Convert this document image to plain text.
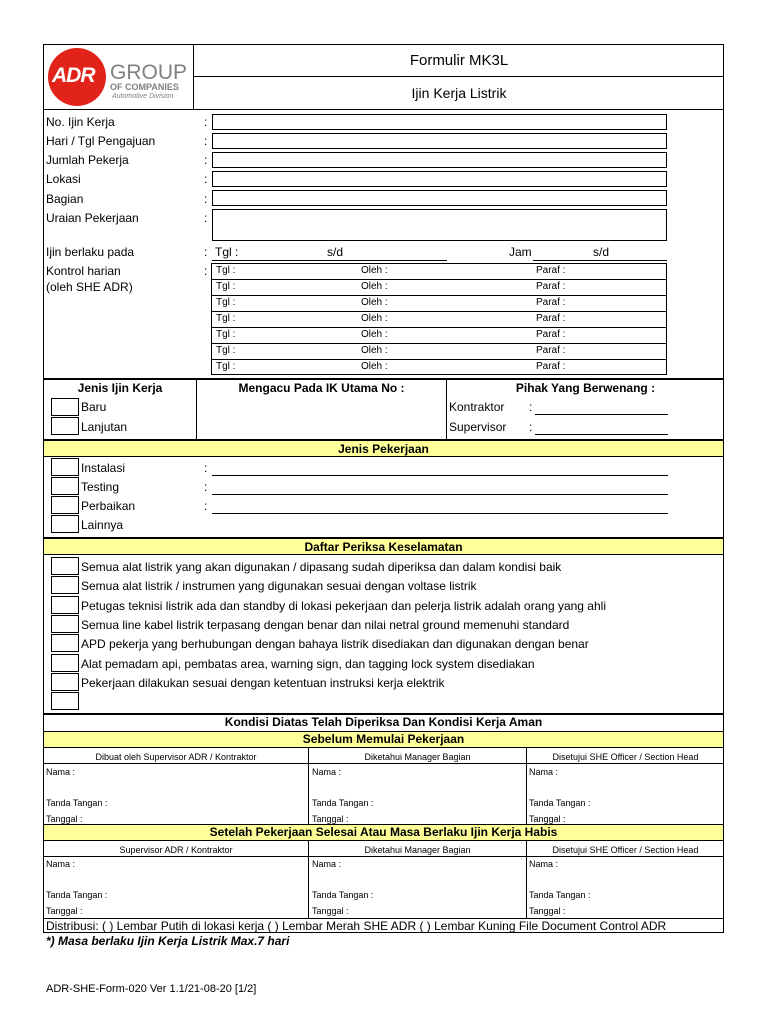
ADR GROUP
OF COMPANIES
Automotive Division
Formulir MK3L
Ijin Kerja Listrik
No. Ijin Kerja	:
Hari / Tgl Pengajuan	:
Jumlah Pekerja	:
Lokasi	:
Bagian	:
Uraian Pekerjaan	:
Ijin berlaku pada	: Tgl :	s/d	Jam	s/d
Kontrol harian
(oleh SHE ADR)
: Tgl :	Oleh :	Paraf :
Tgl :	Oleh :	Paraf :
Tgl :	Oleh :	Paraf :
Tgl :	Oleh :	Paraf :
Tgl :	Oleh :	Paraf :
Tgl :	Oleh :	Paraf :
Tgl :	Oleh :	Paraf :
Jenis Ijin Kerja	Mengacu Pada IK Utama No :	Pihak Yang Berwenang :
Baru
Lanjutan
Kontraktor :
Supervisor :
Jenis Pekerjaan
Instalasi	:
Testing	:
Perbaikan	:
Lainnya
Daftar Periksa Keselamatan
Semua alat listrik yang akan digunakan / dipasang sudah diperiksa dan dalam kondisi baik
Semua alat listrik / instrumen yang digunakan sesuai dengan voltase listrik
Petugas teknisi listrik ada dan standby di lokasi pekerjaan dan pelerja listrik adalah orang yang ahli
Semua line kabel listrik terpasang dengan benar dan nilai netral ground memenuhi standard
APD pekerja yang berhubungan dengan bahaya listrik disediakan dan digunakan dengan benar
Alat pemadam api, pembatas area, warning sign, dan tagging lock system disediakan
Pekerjaan dilakukan sesuai dengan ketentuan instruksi kerja elektrik
Kondisi Diatas Telah Diperiksa Dan Kondisi Kerja Aman
Sebelum Memulai Pekerjaan
Dibuat oleh Supervisor ADR / Kontraktor	Diketahui Manager Bagian	Disetujui SHE Officer / Section Head
Nama :
Tanda Tangan :
Tanggal :
Nama :
Tanda Tangan :
Tanggal :
Nama :
Tanda Tangan :
Tanggal :
Setelah Pekerjaan Selesai Atau Masa Berlaku Ijin Kerja Habis
Supervisor ADR / Kontraktor	Diketahui Manager Bagian	Disetujui SHE Officer / Section Head
Nama :
Tanda Tangan :
Tanggal :
Nama :
Tanda Tangan :
Tanggal :
Nama :
Tanda Tangan :
Tanggal :
Distribusi: ( ) Lembar Putih di lokasi kerja ( ) Lembar Merah SHE ADR ( ) Lembar Kuning File Document Control ADR
*) Masa berlaku Ijin Kerja Listrik Max.7 hari
ADR-SHE-Form-020 Ver 1.1/21-08-20 [1/2]
